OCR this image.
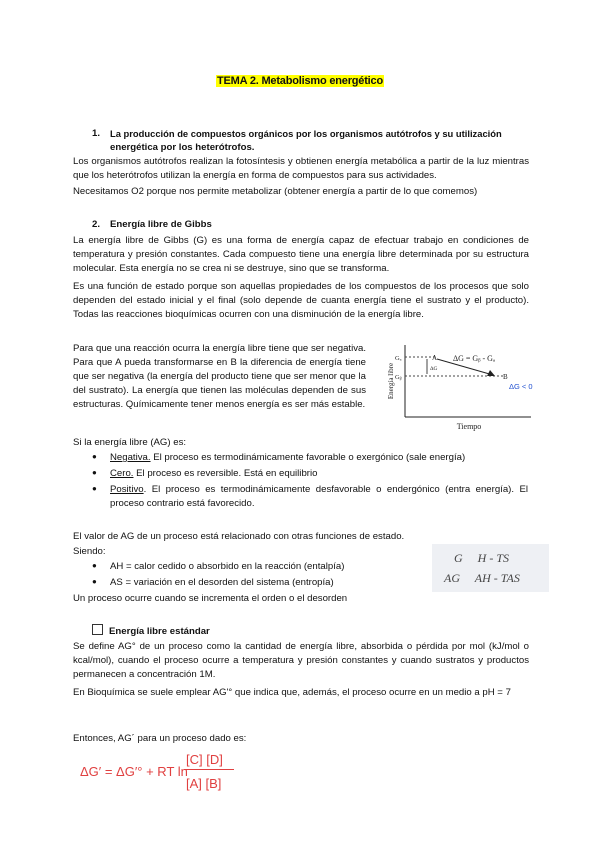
TEMA 2. Metabolismo energético
1. La producción de compuestos orgánicos por los organismos autótrofos y su utilización
energética por los heterótrofos.
Los organismos autótrofos realizan la fotosíntesis y obtienen energía metabólica a partir de la luz mientras que los heterótrofos utilizan la energía en forma de compuestos para sus actividades.
Necesitamos O2 porque nos permite metabolizar (obtener energía a partir de lo que comemos)
2. Energía libre de Gibbs
La energía libre de Gibbs (G) es una forma de energía capaz de efectuar trabajo en condiciones de temperatura y presión constantes. Cada compuesto tiene una energía libre determinada por su estructura molecular. Esta energía no se crea ni se destruye, sino que se transforma.
Es una función de estado porque son aquellas propiedades de los compuestos de los procesos que solo dependen del estado inicial y el final (solo depende de cuanta energía tiene el sustrato y el producto). Todas las reacciones bioquímicas ocurren con una disminución de la energía libre.
Para que una reacción ocurra la energía libre tiene que ser negativa. Para que A pueda transformarse en B la diferencia de energía tiene que ser negativa (la energía del producto tiene que ser menor que la del sustrato). La energía que tienen las moléculas dependen de sus estructuras. Químicamente tener menos energía es ser más estable.
Energía libre
Tiempo
Gₐ
Gᵦ
A
B
ΔG
ΔG = Gᵦ - Gₐ
ΔG < 0
Si la energía libre (AG) es:
● Negativa. El proceso es termodinámicamente favorable o exergónico (sale energía)
● Cero. El proceso es reversible. Está en equilibrio
● Positivo. El proceso es termodinámicamente desfavorable o endergónico (entra energía). El proceso contrario está favorecido.
El valor de AG de un proceso está relacionado con otras funciones de estado.
Siendo:
● AH = calor cedido o absorbido en la reacción (entalpía)
● AS = variación en el desorden del sistema (entropía)
Un proceso ocurre cuando se incrementa el orden o el desorden
G     H - TS
AG     AH - TAS
Energía libre estándar
Se define AG° de un proceso como la cantidad de energía libre, absorbida o pérdida por mol (kJ/mol o kcal/mol), cuando el proceso ocurre a temperatura y presión constantes y cuando sustratos y productos permanecen a concentración 1M.
En Bioquímica se suele emplear AG'° que indica que, además, el proceso ocurre en un medio a pH = 7
Entonces, AG´ para un proceso dado es:
ΔG′ = ΔG′° + RT ln
[C] [D]
[A] [B]
